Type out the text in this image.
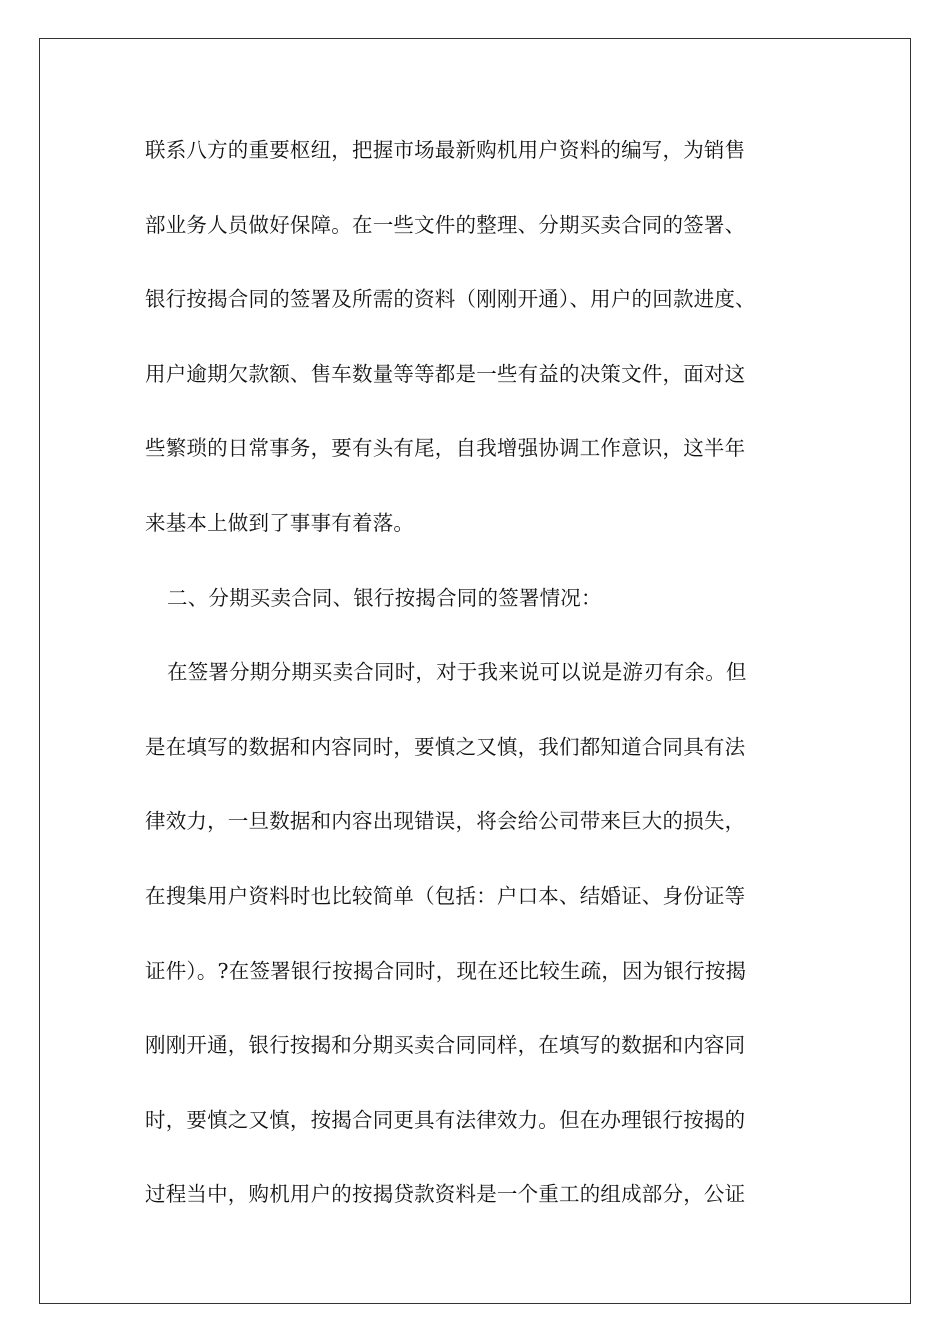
联系八方的重要枢纽，把握市场最新购机用户资料的编写，为销售
部业务人员做好保障。在一些文件的整理、分期买卖合同的签署、
银行按揭合同的签署及所需的资料（刚刚开通）、用户的回款进度、
用户逾期欠款额、售车数量等等都是一些有益的决策文件，面对这
些繁琐的日常事务，要有头有尾，自我增强协调工作意识，这半年
来基本上做到了事事有着落。
二、分期买卖合同、银行按揭合同的签署情况：
在签署分期分期买卖合同时，对于我来说可以说是游刃有余。但
是在填写的数据和内容同时，要慎之又慎，我们都知道合同具有法
律效力，一旦数据和内容出现错误，将会给公司带来巨大的损失，
在搜集用户资料时也比较简单（包括：户口本、结婚证、身份证等
证件）。?在签署银行按揭合同时，现在还比较生疏，因为银行按揭
刚刚开通，银行按揭和分期买卖合同同样，在填写的数据和内容同
时，要慎之又慎，按揭合同更具有法律效力。但在办理银行按揭的
过程当中，购机用户的按揭贷款资料是一个重工的组成部分，公证
